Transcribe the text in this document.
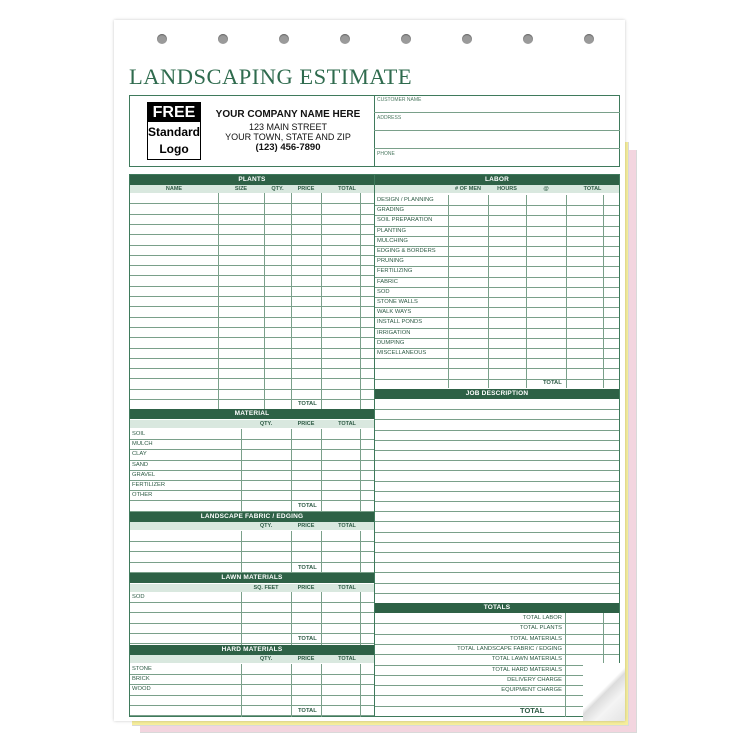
LANDSCAPING ESTIMATE
FREE
Standard
Logo
YOUR COMPANY NAME HERE
123 MAIN STREET
YOUR TOWN, STATE AND ZIP
(123) 456-7890
CUSTOMER NAME
ADDRESS
PHONE
PLANTS
NAME	SIZE	QTY.	PRICE	TOTAL
TOTAL
LABOR
# OF MEN	HOURS	@	TOTAL
DESIGN / PLANNING
GRADING
SOIL PREPARATION
PLANTING
MULCHING
EDGING & BORDERS
PRUNING
FERTILIZING
FABRIC
SOD
STONE WALLS
WALK WAYS
INSTALL PONDS
IRRIGATION
DUMPING
MISCELLANEOUS
TOTAL
JOB DESCRIPTION
MATERIAL
QTY.	PRICE	TOTAL
SOIL
MULCH
CLAY
SAND
GRAVEL
FERTILIZER
OTHER
TOTAL
LANDSCAPE FABRIC / EDGING
QTY.	PRICE	TOTAL
TOTAL
LAWN MATERIALS
SQ. FEET	PRICE	TOTAL
SOD
TOTAL
HARD MATERIALS
QTY.	PRICE	TOTAL
STONE
BRICK
WOOD
TOTAL
TOTALS
TOTAL LABOR
TOTAL PLANTS
TOTAL MATERIALS
TOTAL LANDSCAPE FABRIC / EDGING
TOTAL LAWN MATERIALS
TOTAL HARD MATERIALS
DELIVERY CHARGE
EQUIPMENT CHARGE
TOTAL
